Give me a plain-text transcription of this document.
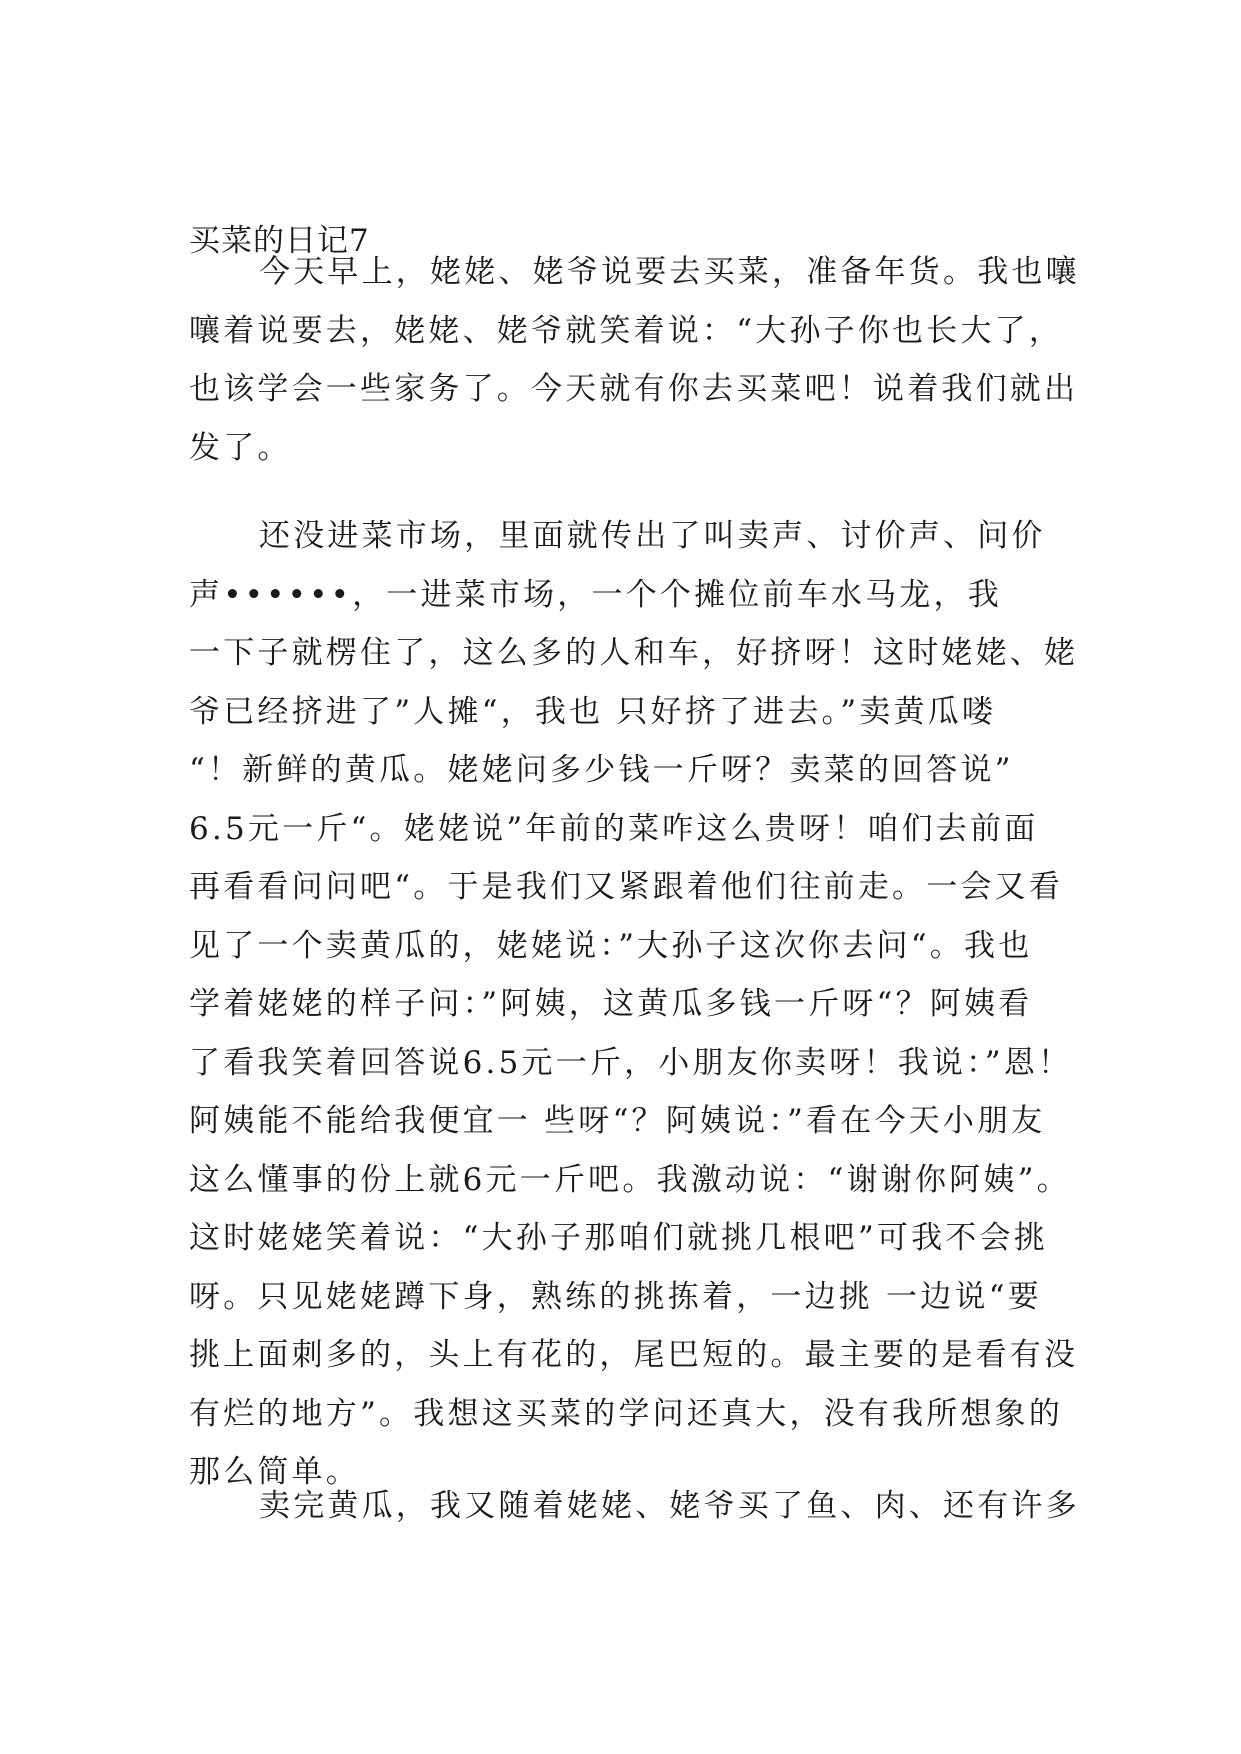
买菜的日记7
今天早上，姥姥、姥爷说要去买菜，准备年货。我也嚷
嚷着说要去，姥姥、姥爷就笑着说：“大孙子你也长大了，
也该学会一些家务了。今天就有你去买菜吧！说着我们就出
发了。
还没进菜市场，里面就传出了叫卖声、讨价声、问价
声••••••，一进菜市场，一个个摊位前车水马龙，我
一下子就楞住了，这么多的人和车，好挤呀！这时姥姥、姥
爷已经挤进了”人摊“，我也 只好挤了进去。”卖黄瓜喽
“！新鲜的黄瓜。姥姥问多少钱一斤呀？卖菜的回答说”
6.5元一斤“。姥姥说”年前的菜咋这么贵呀！咱们去前面
再看看问问吧“。于是我们又紧跟着他们往前走。一会又看
见了一个卖黄瓜的，姥姥说：”大孙子这次你去问“。我也
学着姥姥的样子问：”阿姨，这黄瓜多钱一斤呀“？阿姨看
了看我笑着回答说6.5元一斤，小朋友你卖呀！我说：”恩！
阿姨能不能给我便宜一 些呀“？阿姨说：”看在今天小朋友
这么懂事的份上就6元一斤吧。我激动说：“谢谢你阿姨”。
这时姥姥笑着说：“大孙子那咱们就挑几根吧”可我不会挑
呀。只见姥姥蹲下身，熟练的挑拣着，一边挑 一边说“要
挑上面刺多的，头上有花的，尾巴短的。最主要的是看有没
有烂的地方”。我想这买菜的学问还真大，没有我所想象的
那么简单。
卖完黄瓜，我又随着姥姥、姥爷买了鱼、肉、还有许多
